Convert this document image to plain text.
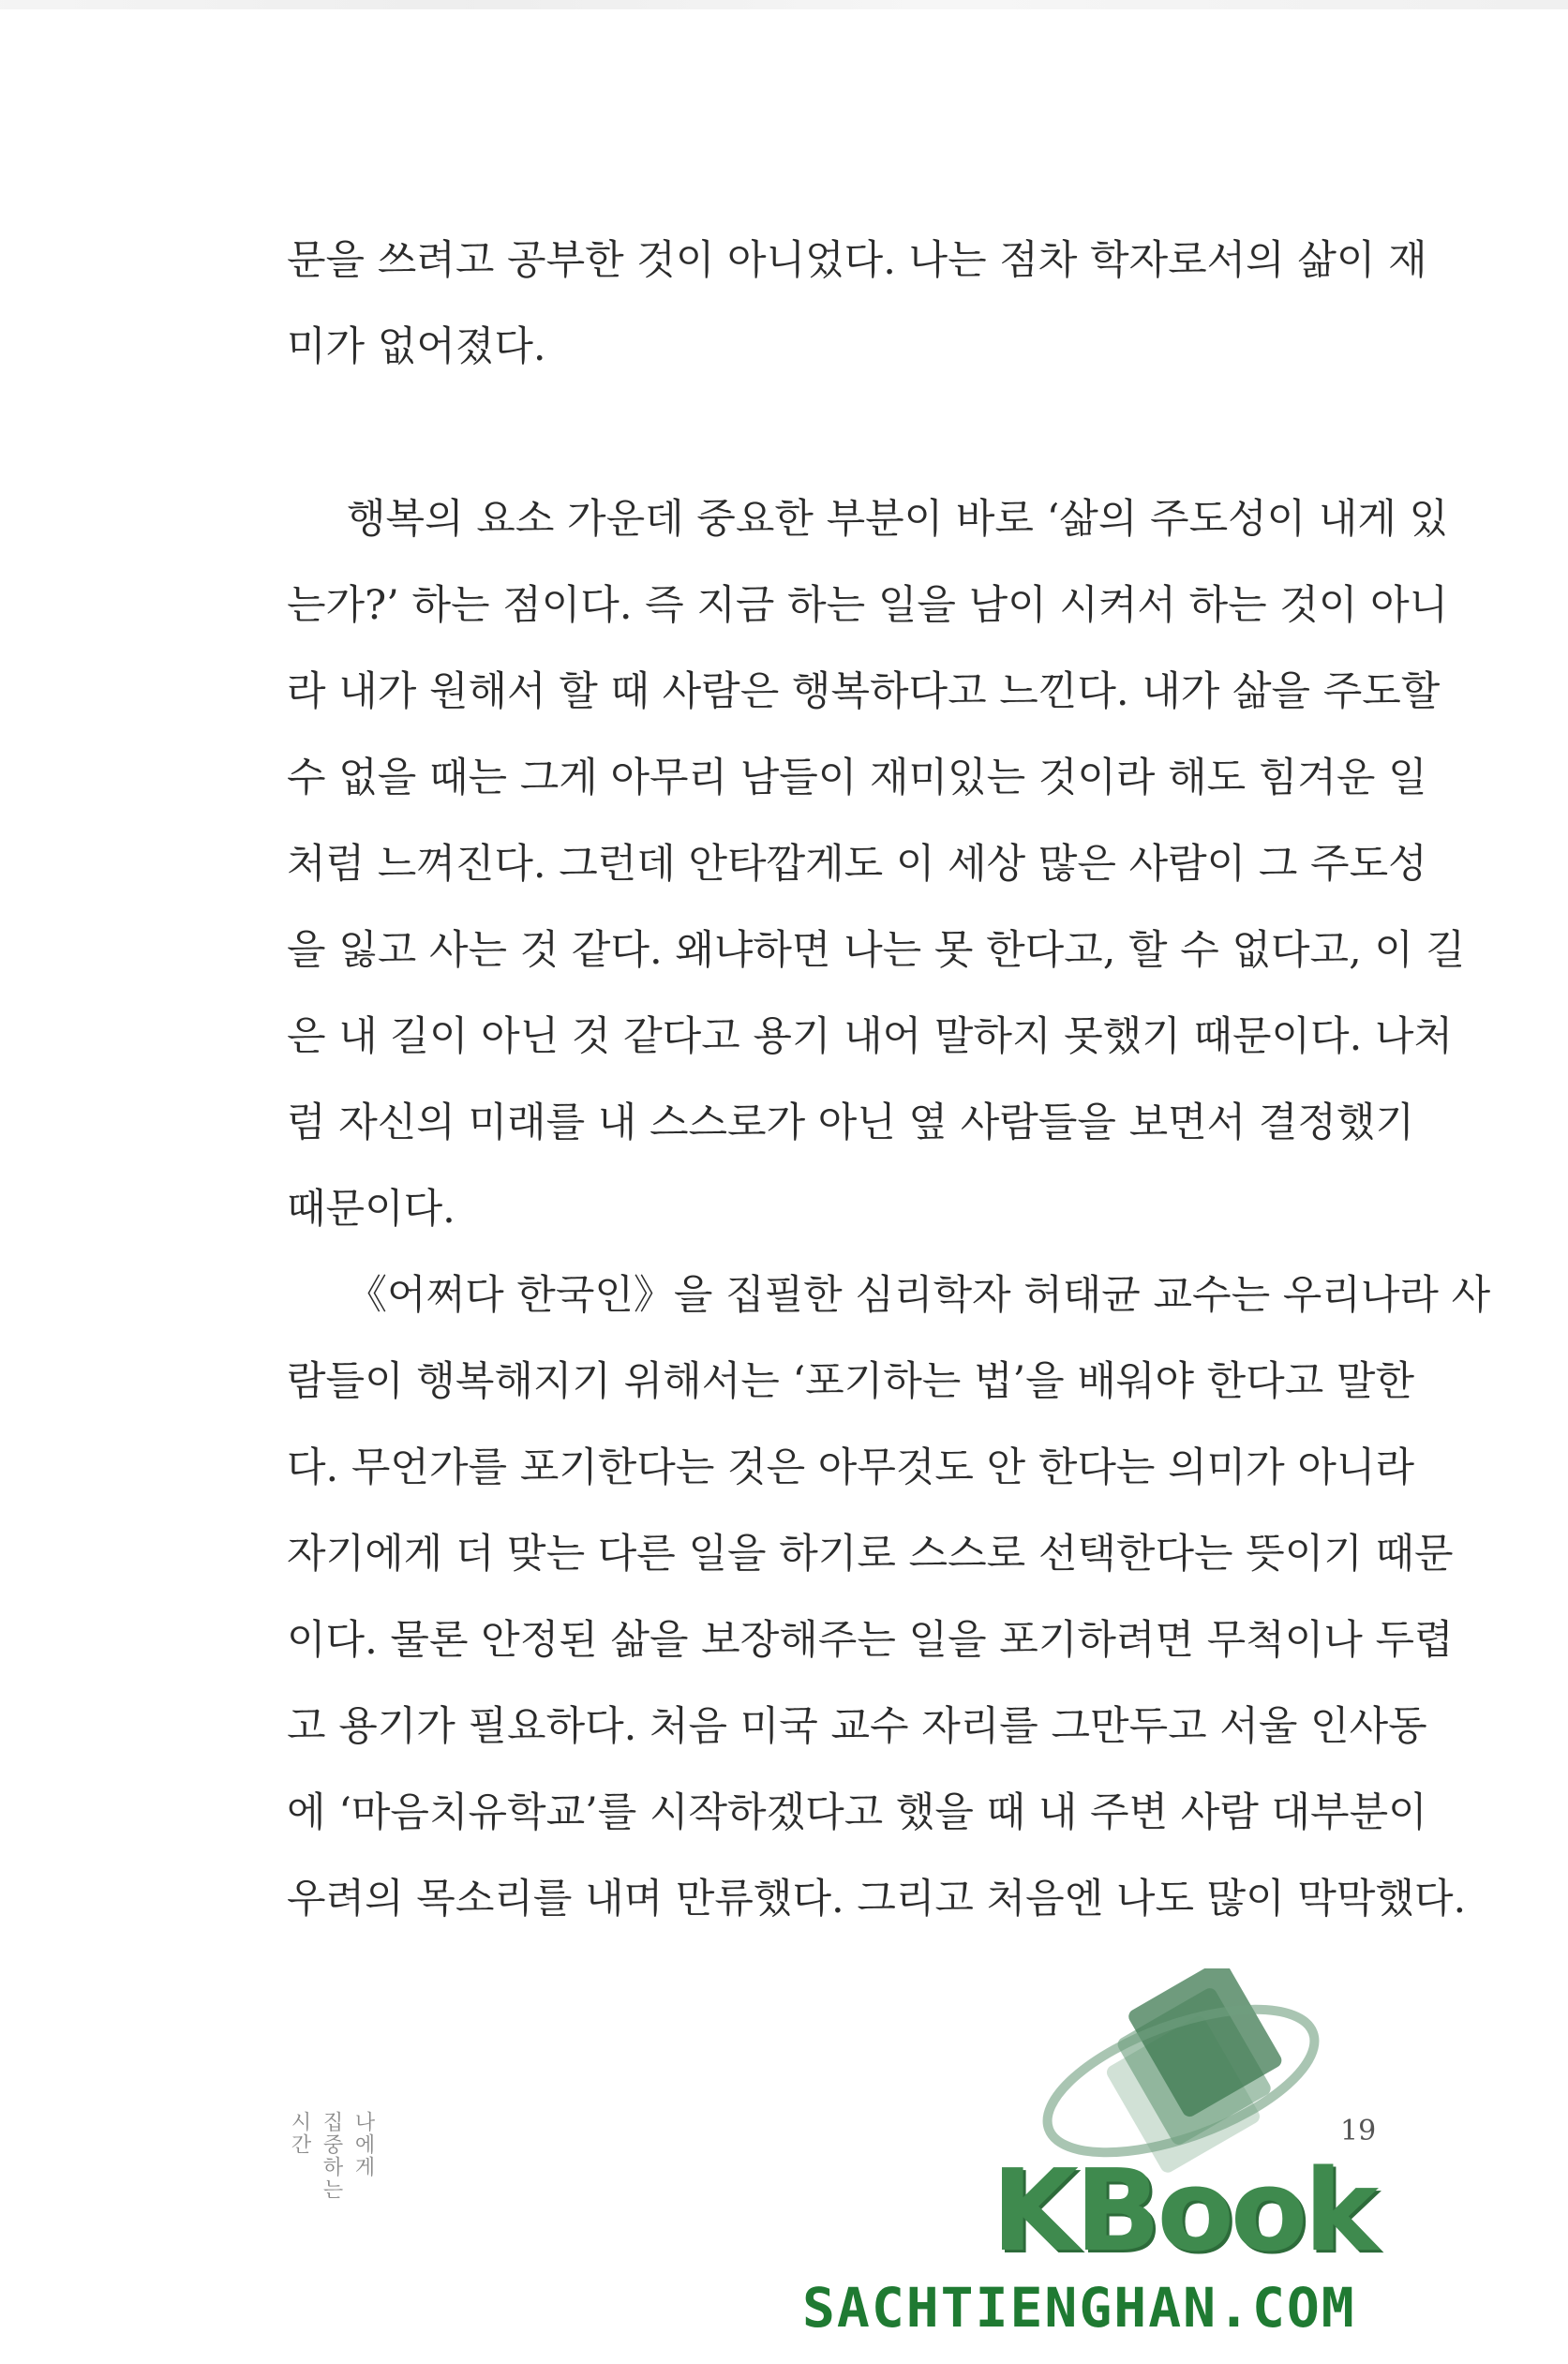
문을 쓰려고 공부한 것이 아니었다. 나는 점차 학자로서의 삶이 재
미가 없어졌다.
행복의 요소 가운데 중요한 부분이 바로 ‘삶의 주도성이 내게 있
는가?’ 하는 점이다. 즉 지금 하는 일을 남이 시켜서 하는 것이 아니
라 내가 원해서 할 때 사람은 행복하다고 느낀다. 내가 삶을 주도할
수 없을 때는 그게 아무리 남들이 재미있는 것이라 해도 힘겨운 일
처럼 느껴진다. 그런데 안타깝게도 이 세상 많은 사람이 그 주도성
을 잃고 사는 것 같다. 왜냐하면 나는 못 한다고, 할 수 없다고, 이 길
은 내 길이 아닌 것 같다고 용기 내어 말하지 못했기 때문이다. 나처
럼 자신의 미래를 내 스스로가 아닌 옆 사람들을 보면서 결정했기
때문이다.
《어쩌다 한국인》을 집필한 심리학자 허태균 교수는 우리나라 사
람들이 행복해지기 위해서는 ‘포기하는 법’을 배워야 한다고 말한
다. 무언가를 포기한다는 것은 아무것도 안 한다는 의미가 아니라
자기에게 더 맞는 다른 일을 하기로 스스로 선택한다는 뜻이기 때문
이다. 물론 안정된 삶을 보장해주는 일을 포기하려면 무척이나 두렵
고 용기가 필요하다. 처음 미국 교수 자리를 그만두고 서울 인사동
에 ‘마음치유학교’를 시작하겠다고 했을 때 내 주변 사람 대부분이
우려의 목소리를 내며 만류했다. 그리고 처음엔 나도 많이 막막했다.
나에게
집중하는
시간	19
KBook
SACHTIENGHAN.COM
